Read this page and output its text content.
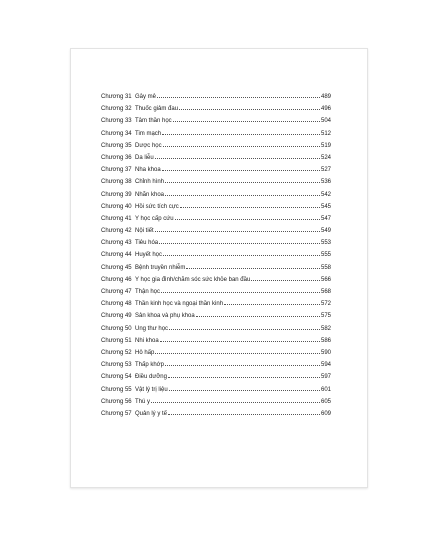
Chương 31 Gây mê	489
Chương 32 Thuốc giảm đau	496
Chương 33 Tâm thần học	504
Chương 34 Tim mạch	512
Chương 35 Dược học	519
Chương 36 Da liễu	524
Chương 37 Nha khoa	527
Chương 38 Chỉnh hình	536
Chương 39 Nhãn khoa	542
Chương 40 Hồi sức tích cực	545
Chương 41 Y học cấp cứu	547
Chương 42 Nội tiết	549
Chương 43 Tiêu hóa	553
Chương 44 Huyết học	555
Chương 45 Bệnh truyền nhiễm	558
Chương 46 Y học gia đình/chăm sóc sức khỏe ban đầu	566
Chương 47 Thận học	568
Chương 48 Thần kinh học và ngoại thần kinh	572
Chương 49 Sản khoa và phụ khoa	575
Chương 50 Ung thư học	582
Chương 51 Nhi khoa	586
Chương 52 Hô hấp	590
Chương 53 Thấp khớp	594
Chương 54 Điều dưỡng	597
Chương 55 Vật lý trị liệu	601
Chương 56 Thú y	605
Chương 57 Quản lý y tế	609
